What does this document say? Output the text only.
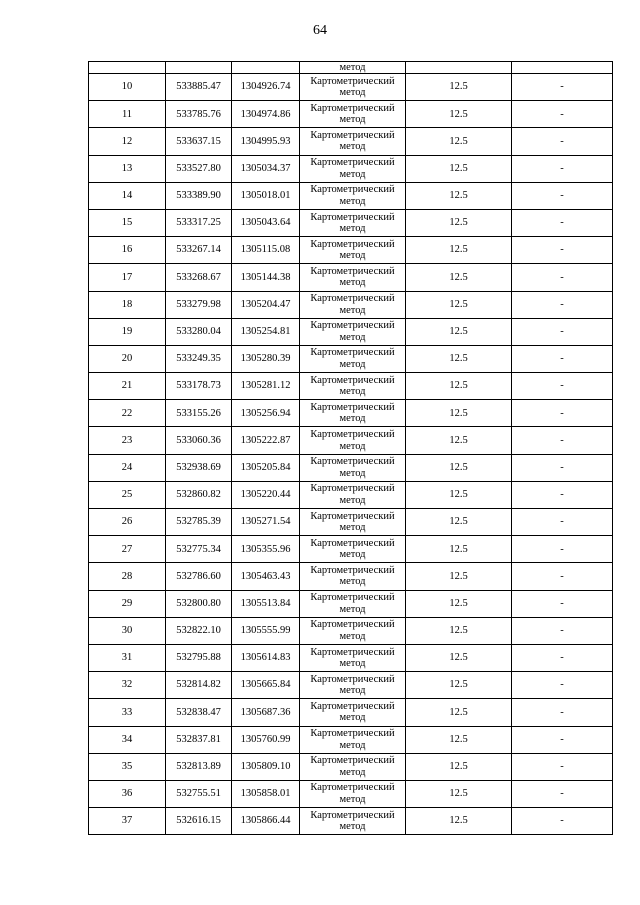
64
			метод		
10	533885.47	1304926.74	Картометрический
метод	12.5	-
11	533785.76	1304974.86	Картометрический
метод	12.5	-
12	533637.15	1304995.93	Картометрический
метод	12.5	-
13	533527.80	1305034.37	Картометрический
метод	12.5	-
14	533389.90	1305018.01	Картометрический
метод	12.5	-
15	533317.25	1305043.64	Картометрический
метод	12.5	-
16	533267.14	1305115.08	Картометрический
метод	12.5	-
17	533268.67	1305144.38	Картометрический
метод	12.5	-
18	533279.98	1305204.47	Картометрический
метод	12.5	-
19	533280.04	1305254.81	Картометрический
метод	12.5	-
20	533249.35	1305280.39	Картометрический
метод	12.5	-
21	533178.73	1305281.12	Картометрический
метод	12.5	-
22	533155.26	1305256.94	Картометрический
метод	12.5	-
23	533060.36	1305222.87	Картометрический
метод	12.5	-
24	532938.69	1305205.84	Картометрический
метод	12.5	-
25	532860.82	1305220.44	Картометрический
метод	12.5	-
26	532785.39	1305271.54	Картометрический
метод	12.5	-
27	532775.34	1305355.96	Картометрический
метод	12.5	-
28	532786.60	1305463.43	Картометрический
метод	12.5	-
29	532800.80	1305513.84	Картометрический
метод	12.5	-
30	532822.10	1305555.99	Картометрический
метод	12.5	-
31	532795.88	1305614.83	Картометрический
метод	12.5	-
32	532814.82	1305665.84	Картометрический
метод	12.5	-
33	532838.47	1305687.36	Картометрический
метод	12.5	-
34	532837.81	1305760.99	Картометрический
метод	12.5	-
35	532813.89	1305809.10	Картометрический
метод	12.5	-
36	532755.51	1305858.01	Картометрический
метод	12.5	-
37	532616.15	1305866.44	Картометрический
метод	12.5	-
